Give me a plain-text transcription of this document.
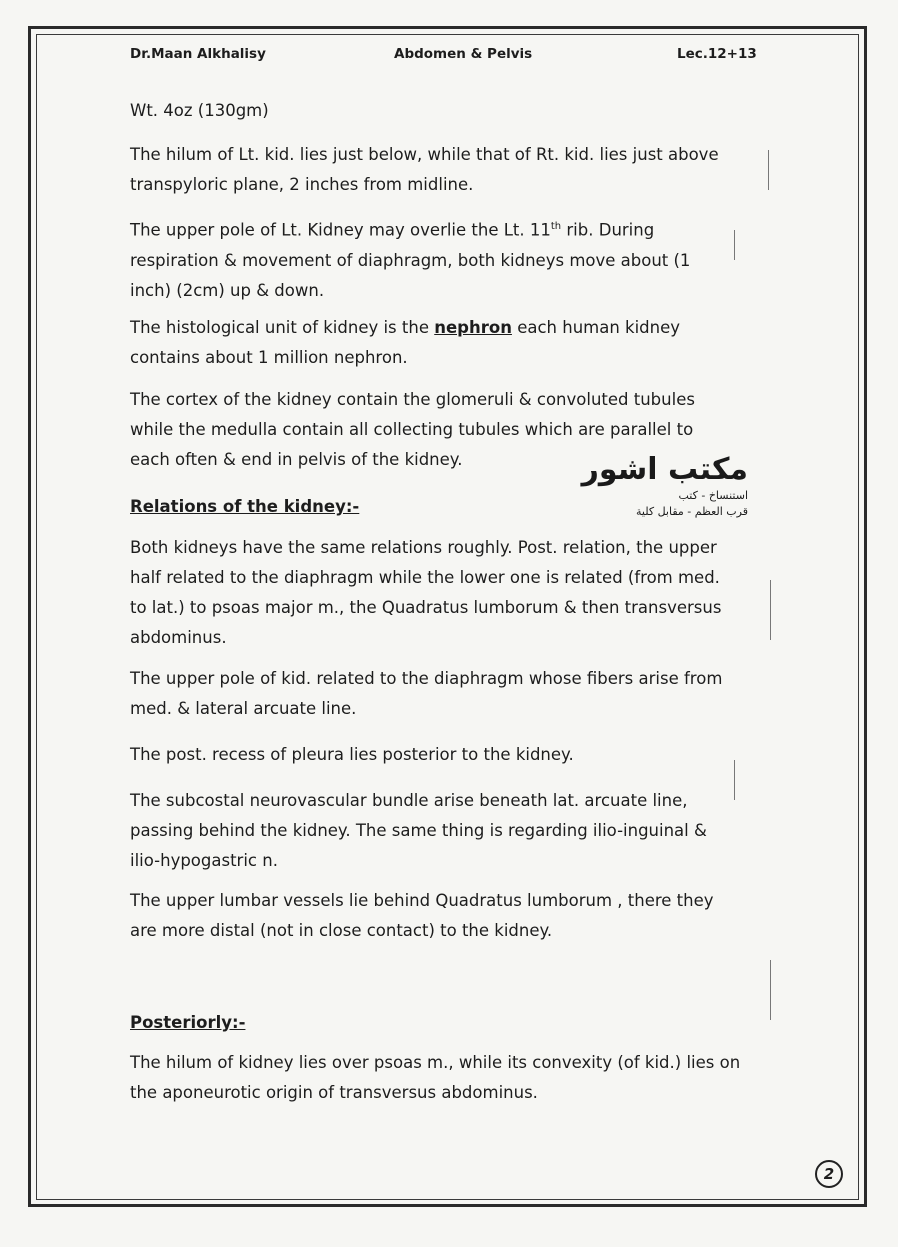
Dr.Maan Alkhalisy	Abdomen & Pelvis	Lec.12+13
Wt. 4oz (130gm)
The hilum of Lt. kid. lies just below, while that of Rt. kid. lies just above
transpyloric plane, 2 inches from midline.
The upper pole of Lt. Kidney may overlie the Lt. 11th rib. During
respiration & movement of diaphragm, both kidneys move about (1
inch) (2cm) up & down.
The histological unit of kidney is the nephron each human kidney
contains about 1 million nephron.
The cortex of the kidney contain the glomeruli & convoluted tubules
while the medulla contain all collecting tubules which are parallel to
each often & end in pelvis of the kidney.	مكتب اشور
استنساخ - كتب
قرب العظم - مقابل كلية
Relations of the kidney:-
Both kidneys have the same relations roughly. Post. relation, the upper
half related to the diaphragm while the lower one is related (from med.
to lat.) to psoas major m., the Quadratus lumborum & then transversus
abdominus.
The upper pole of kid. related to the diaphragm whose fibers arise from
med. & lateral arcuate line.
The post. recess of pleura lies posterior to the kidney.
The subcostal neurovascular bundle arise beneath lat. arcuate line,
passing behind the kidney. The same thing is regarding ilio-inguinal &
ilio-hypogastric n.
The upper lumbar vessels lie behind Quadratus lumborum , there they
are more distal (not in close contact) to the kidney.
Posteriorly:-
The hilum of kidney lies over psoas m., while its convexity (of kid.) lies on
the aponeurotic origin of transversus abdominus.
2
